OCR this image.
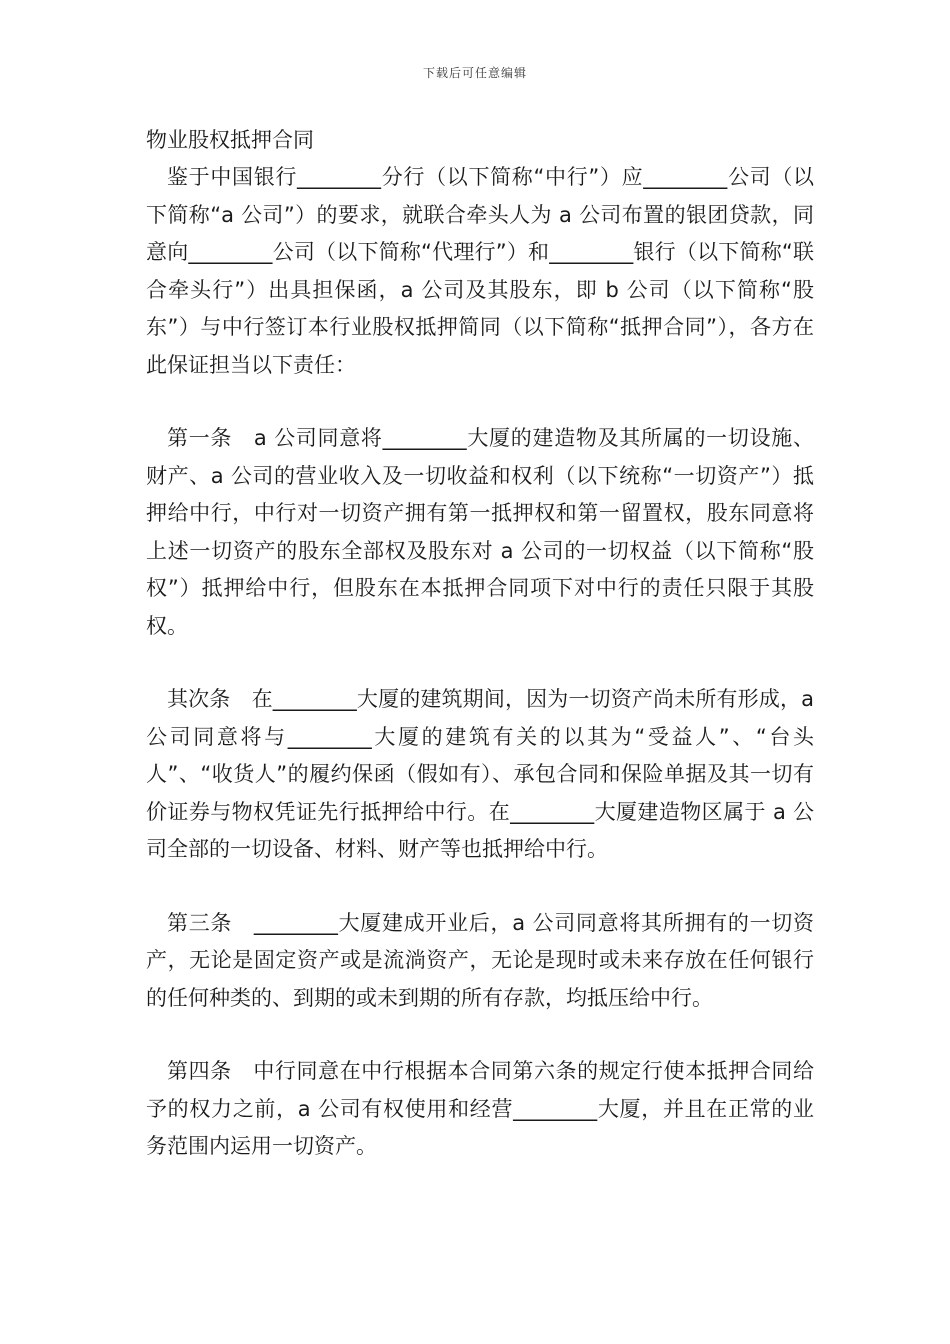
下载后可任意编辑
物业股权抵押合同

鉴于中国银行________分行（以下简称“中行”）应________公司（以下简称“a 公司”）的要求，就联合牵头人为 a 公司布置的银团贷款，同意向________公司（以下简称“代理行”）和________银行（以下简称“联合牵头行”）出具担保函，a 公司及其股东，即 b 公司（以下简称“股东”）与中行签订本行业股权抵押简同（以下简称“抵押合同”），各方在此保证担当以下责任：

第一条　a 公司同意将________大厦的建造物及其所属的一切设施、财产、a 公司的营业收入及一切收益和权利（以下统称“一切资产”）抵押给中行，中行对一切资产拥有第一抵押权和第一留置权，股东同意将上述一切资产的股东全部权及股东对 a 公司的一切权益（以下简称“股权”）抵押给中行，但股东在本抵押合同项下对中行的责任只限于其股权。

其次条　在________大厦的建筑期间，因为一切资产尚未所有形成，a 公司同意将与________大厦的建筑有关的以其为“受益人”、“台头人”、“收货人”的履约保函（假如有）、承包合同和保险单据及其一切有价证券与物权凭证先行抵押给中行。在________大厦建造物区属于 a 公司全部的一切设备、材料、财产等也抵押给中行。

第三条　________大厦建成开业后，a 公司同意将其所拥有的一切资产，无论是固定资产或是流淌资产，无论是现时或未来存放在任何银行的任何种类的、到期的或未到期的所有存款，均抵压给中行。

第四条　中行同意在中行根据本合同第六条的规定行使本抵押合同给予的权力之前，a 公司有权使用和经营________大厦，并且在正常的业务范围内运用一切资产。
